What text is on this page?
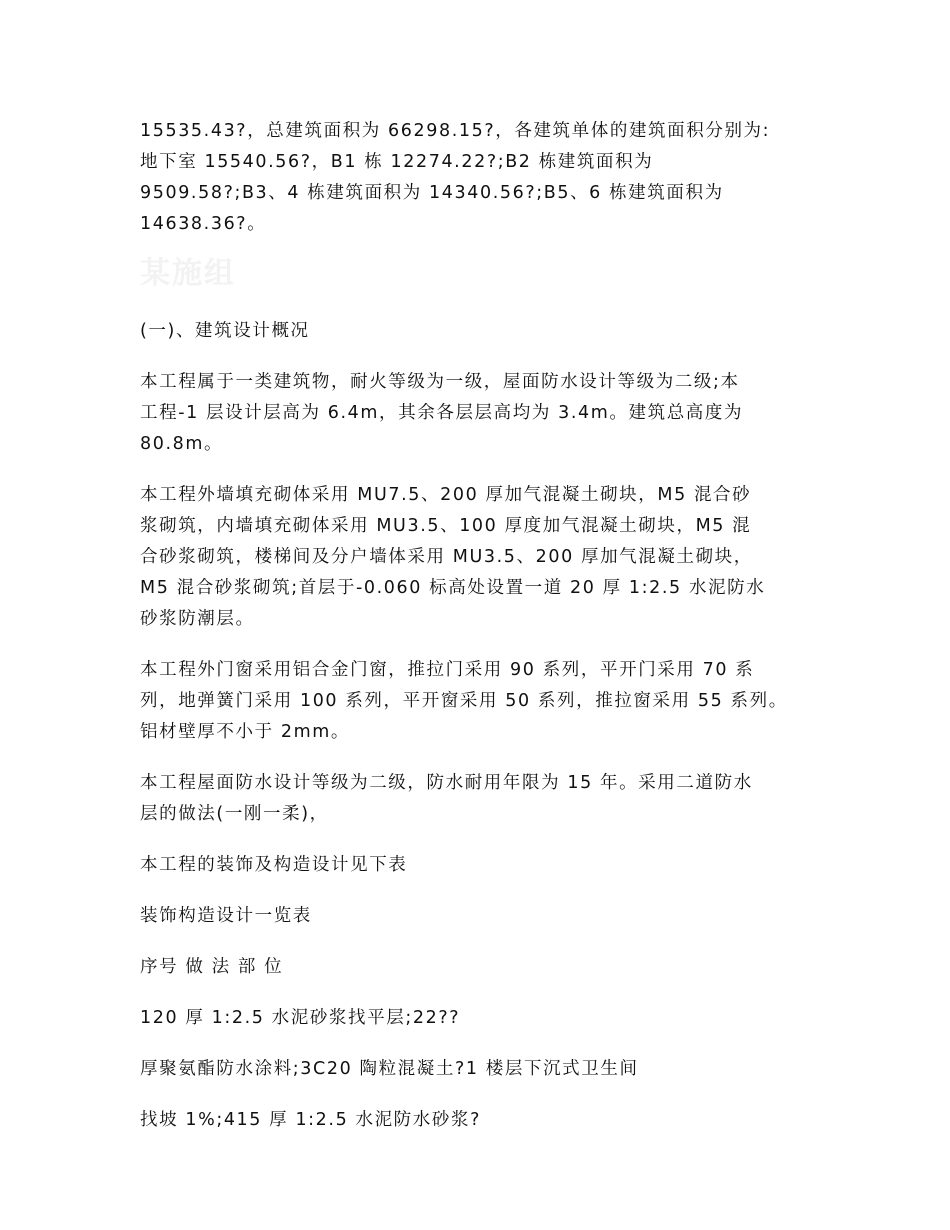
15535.43?，总建筑面积为 66298.15?，各建筑单体的建筑面积分别为:
地下室 15540.56?，B1 栋 12274.22?;B2 栋建筑面积为
9509.58?;B3、4 栋建筑面积为 14340.56?;B5、6 栋建筑面积为
14638.36?。

某施组

(一)、建筑设计概况

本工程属于一类建筑物，耐火等级为一级，屋面防水设计等级为二级;本
工程-1 层设计层高为 6.4m，其余各层层高均为 3.4m。建筑总高度为
80.8m。

本工程外墙填充砌体采用 MU7.5、200 厚加气混凝土砌块，M5 混合砂
浆砌筑，内墙填充砌体采用 MU3.5、100 厚度加气混凝土砌块，M5 混
合砂浆砌筑，楼梯间及分户墙体采用 MU3.5、200 厚加气混凝土砌块，
M5 混合砂浆砌筑;首层于-0.060 标高处设置一道 20 厚 1:2.5 水泥防水
砂浆防潮层。

本工程外门窗采用铝合金门窗，推拉门采用 90 系列，平开门采用 70 系
列，地弹簧门采用 100 系列，平开窗采用 50 系列，推拉窗采用 55 系列。
铝材壁厚不小于 2mm。

本工程屋面防水设计等级为二级，防水耐用年限为 15 年。采用二道防水
层的做法(一刚一柔)，

本工程的装饰及构造设计见下表

装饰构造设计一览表

序号 做 法 部 位

120 厚 1:2.5 水泥砂浆找平层;22??

厚聚氨酯防水涂料;3C20 陶粒混凝土?1 楼层下沉式卫生间

找坡 1%;415 厚 1:2.5 水泥防水砂浆?
